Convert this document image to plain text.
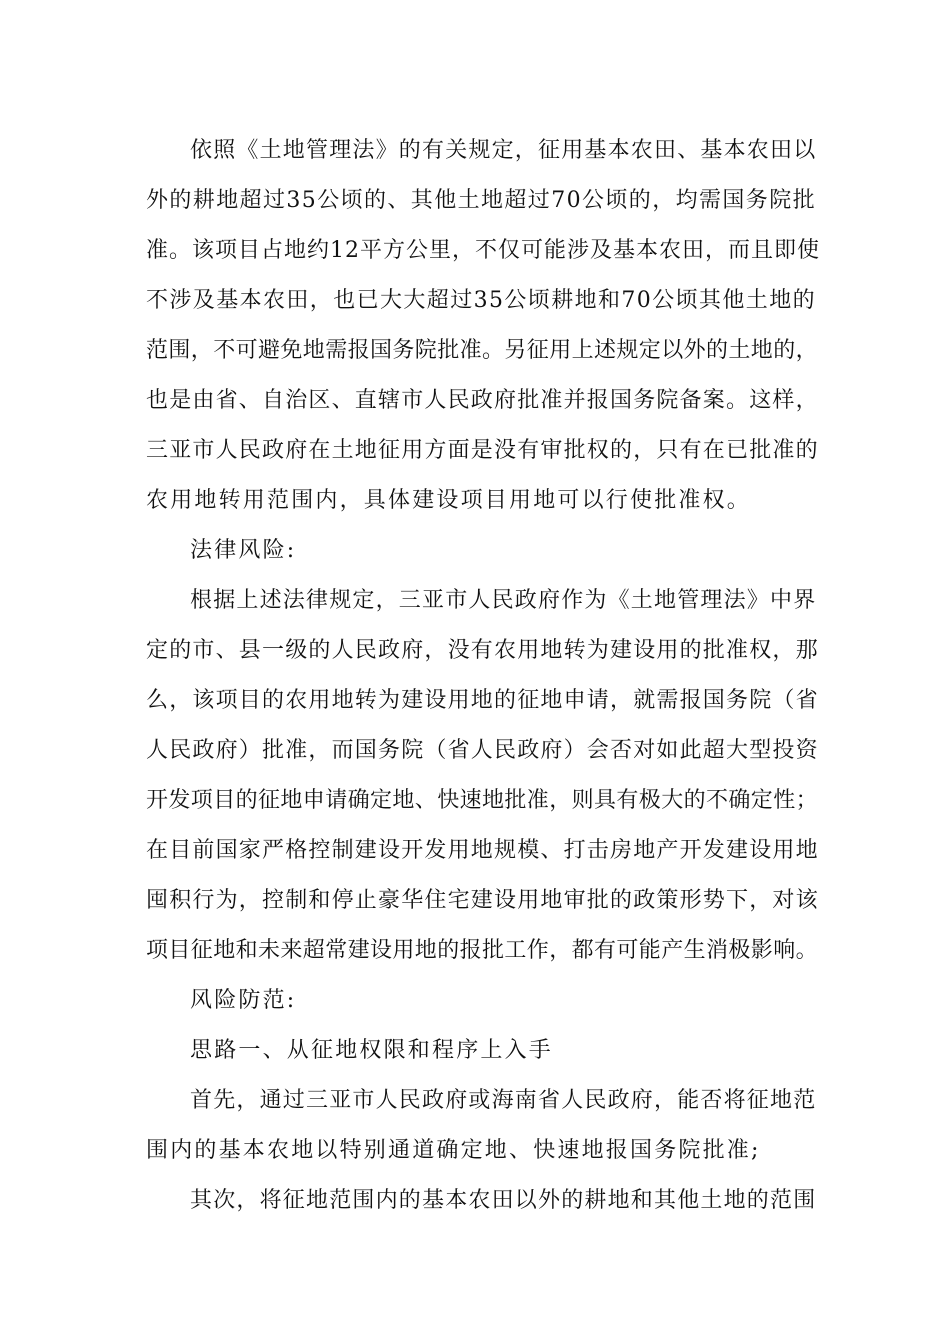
依照《土地管理法》的有关规定，征用基本农田、基本农田以
外的耕地超过35公顷的、其他土地超过70公顷的，均需国务院批
准。该项目占地约12平方公里，不仅可能涉及基本农田，而且即使
不涉及基本农田，也已大大超过35公顷耕地和70公顷其他土地的
范围，不可避免地需报国务院批准。另征用上述规定以外的土地的，
也是由省、自治区、直辖市人民政府批准并报国务院备案。这样，
三亚市人民政府在土地征用方面是没有审批权的，只有在已批准的
农用地转用范围内，具体建设项目用地可以行使批准权。
法律风险:
根据上述法律规定，三亚市人民政府作为《土地管理法》中界
定的市、县一级的人民政府，没有农用地转为建设用的批准权，那
么，该项目的农用地转为建设用地的征地申请，就需报国务院（省
人民政府）批准，而国务院（省人民政府）会否对如此超大型投资
开发项目的征地申请确定地、快速地批准，则具有极大的不确定性；
在目前国家严格控制建设开发用地规模、打击房地产开发建设用地
囤积行为，控制和停止豪华住宅建设用地审批的政策形势下，对该
项目征地和未来超常建设用地的报批工作，都有可能产生消极影响。
风险防范:
思路一、从征地权限和程序上入手
首先，通过三亚市人民政府或海南省人民政府，能否将征地范
围内的基本农地以特别通道确定地、快速地报国务院批准;
其次，将征地范围内的基本农田以外的耕地和其他土地的范围
